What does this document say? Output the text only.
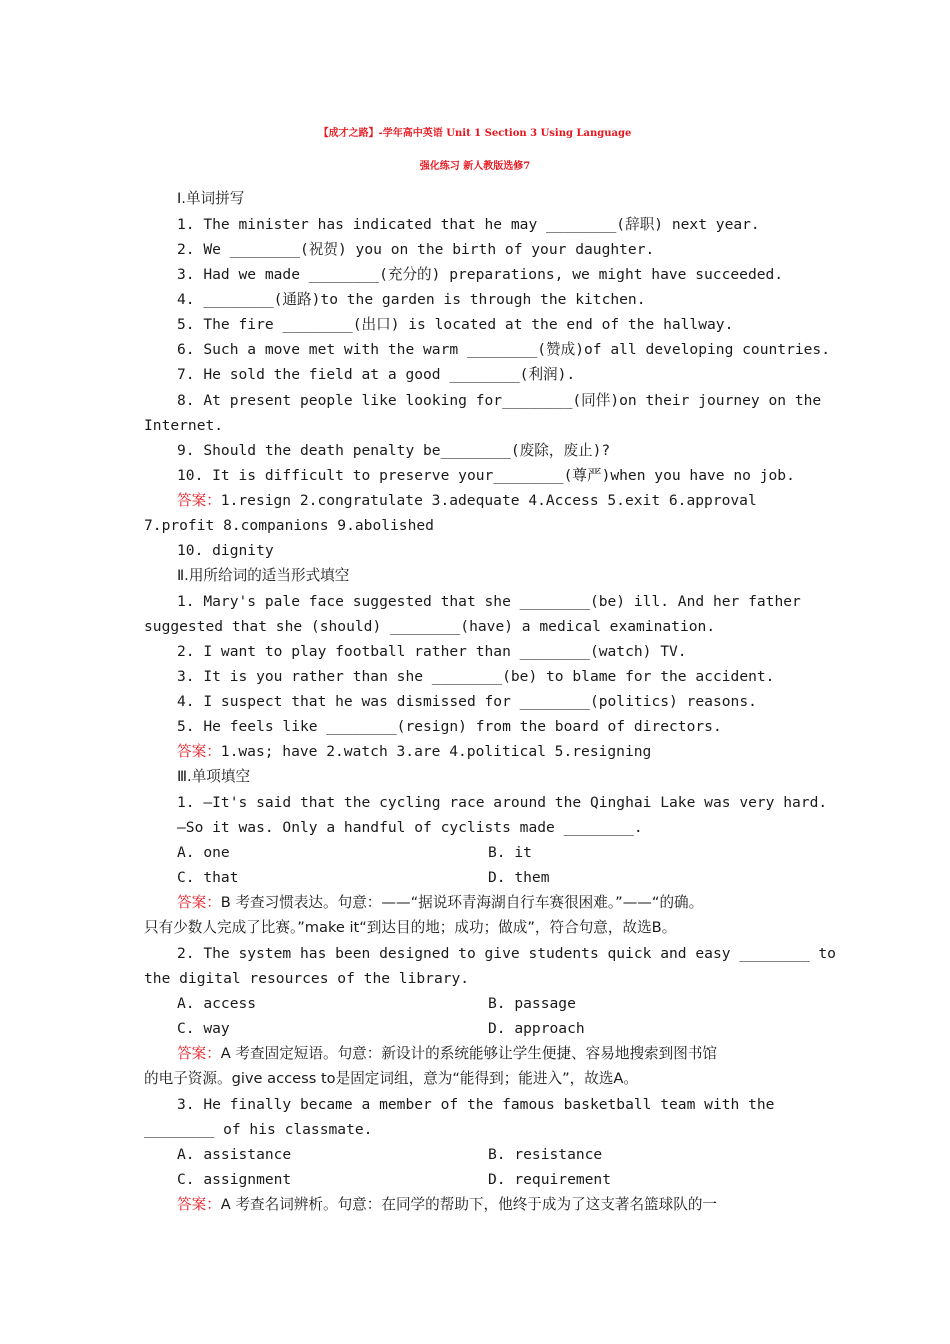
【成才之路】-学年高中英语 Unit 1 Section 3 Using Language
强化练习 新人教版选修7
Ⅰ.单词拼写
1. The minister has indicated that he may ________(辞职) next year.
2. We ________(祝贺) you on the birth of your daughter.
3. Had we made ________(充分的) preparations, we might have succeeded.
4. ________(通路)to the garden is through the kitchen.
5. The fire ________(出口) is located at the end of the hallway.
6. Such a move met with the warm ________(赞成)of all developing countries.
7. He sold the field at a good ________(利润).
8. At present people like looking for________(同伴)on their journey on the
Internet.
9. Should the death penalty be________(废除，废止)?
10. It is difficult to preserve your________(尊严)when you have no job.
答案：1.resign 2.congratulate 3.adequate 4.Access 5.exit 6.approval
7.profit 8.companions 9.abolished
10. dignity
Ⅱ.用所给词的适当形式填空
1. Mary's pale face suggested that she ________(be) ill. And her father
suggested that she (should) ________(have) a medical examination.
2. I want to play football rather than ________(watch) TV.
3. It is you rather than she ________(be) to blame for the accident.
4. I suspect that he was dismissed for ________(politics) reasons.
5. He feels like ________(resign) from the board of directors.
答案：1.was; have 2.watch 3.are 4.political 5.resigning
Ⅲ.单项填空
1. —It's said that the cycling race around the Qinghai Lake was very hard.
—So it was. Only a handful of cyclists made ________.
A. one	B. it
C. that	D. them
答案：B 考查习惯表达。句意：——“据说环青海湖自行车赛很困难。”——“的确。
只有少数人完成了比赛。”make it“到达目的地；成功；做成”，符合句意，故选B。
2. The system has been designed to give students quick and easy ________ to
the digital resources of the library.
A. access	B. passage
C. way	D. approach
答案：A 考查固定短语。句意：新设计的系统能够让学生便捷、容易地搜索到图书馆
的电子资源。give access to是固定词组，意为“能得到；能进入”，故选A。
3. He finally became a member of the famous basketball team with the
________ of his classmate.
A. assistance	B. resistance
C. assignment	D. requirement
答案：A 考查名词辨析。句意：在同学的帮助下，他终于成为了这支著名篮球队的一
